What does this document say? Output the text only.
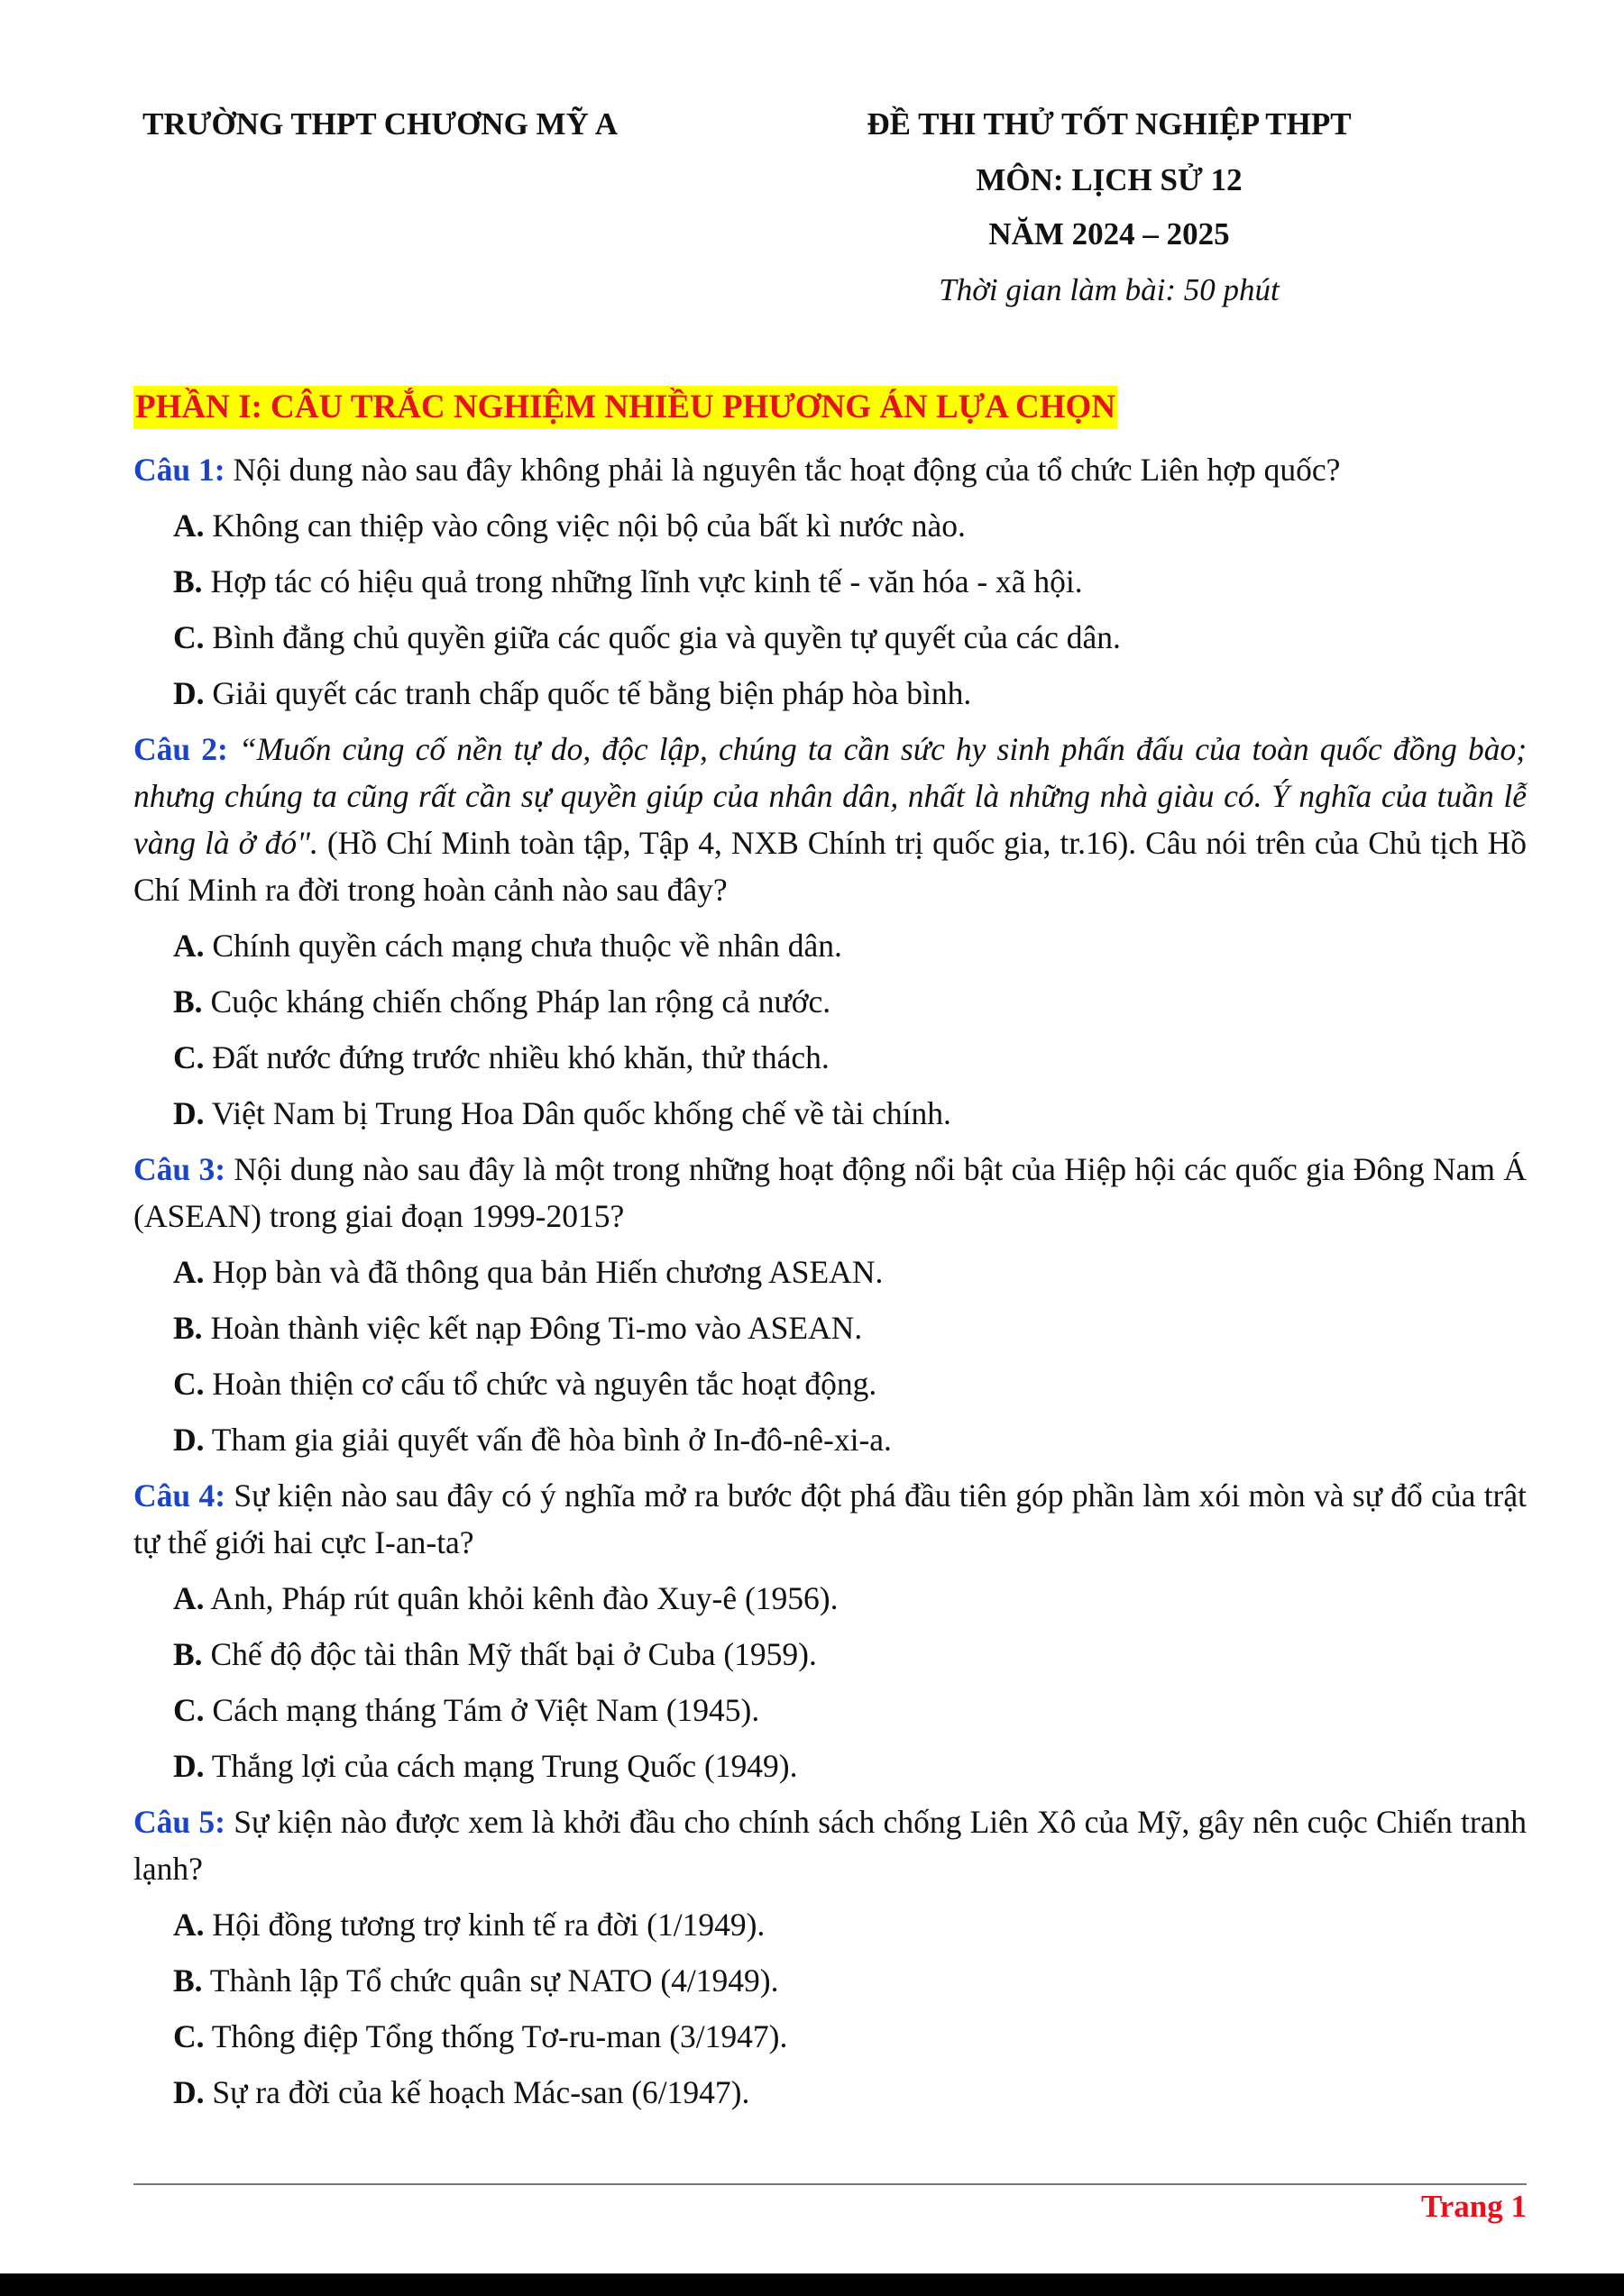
TRƯỜNG THPT CHƯƠNG MỸ A	ĐỀ THI THỬ TỐT NGHIỆP THPT
MÔN: LỊCH SỬ 12
NĂM 2024 – 2025
Thời gian làm bài: 50 phút
PHẦN I: CÂU TRẮC NGHIỆM NHIỀU PHƯƠNG ÁN LỰA CHỌN

Câu 1: Nội dung nào sau đây không phải là nguyên tắc hoạt động của tổ chức Liên hợp quốc?

A. Không can thiệp vào công việc nội bộ của bất kì nước nào.

B. Hợp tác có hiệu quả trong những lĩnh vực kinh tế - văn hóa - xã hội.

C. Bình đẳng chủ quyền giữa các quốc gia và quyền tự quyết của các dân.

D. Giải quyết các tranh chấp quốc tế bằng biện pháp hòa bình.

Câu 2: “Muốn củng cố nền tự do, độc lập, chúng ta cần sức hy sinh phấn đấu của toàn quốc đồng bào; nhưng chúng ta cũng rất cần sự quyền giúp của nhân dân, nhất là những nhà giàu có. Ý nghĩa của tuần lễ vàng là ở đó". (Hồ Chí Minh toàn tập, Tập 4, NXB Chính trị quốc gia, tr.16). Câu nói trên của Chủ tịch Hồ Chí Minh ra đời trong hoàn cảnh nào sau đây?

A. Chính quyền cách mạng chưa thuộc về nhân dân.

B. Cuộc kháng chiến chống Pháp lan rộng cả nước.

C. Đất nước đứng trước nhiều khó khăn, thử thách.

D. Việt Nam bị Trung Hoa Dân quốc khống chế về tài chính.

Câu 3: Nội dung nào sau đây là một trong những hoạt động nổi bật của Hiệp hội các quốc gia Đông Nam Á (ASEAN) trong giai đoạn 1999-2015?

A. Họp bàn và đã thông qua bản Hiến chương ASEAN.

B. Hoàn thành việc kết nạp Đông Ti-mo vào ASEAN.

C. Hoàn thiện cơ cấu tổ chức và nguyên tắc hoạt động.

D. Tham gia giải quyết vấn đề hòa bình ở In-đô-nê-xi-a.

Câu 4: Sự kiện nào sau đây có ý nghĩa mở ra bước đột phá đầu tiên góp phần làm xói mòn và sự đổ của trật tự thế giới hai cực I-an-ta?

A. Anh, Pháp rút quân khỏi kênh đào Xuy-ê (1956).

B. Chế độ độc tài thân Mỹ thất bại ở Cuba (1959).

C. Cách mạng tháng Tám ở Việt Nam (1945).

D. Thắng lợi của cách mạng Trung Quốc (1949).

Câu 5: Sự kiện nào được xem là khởi đầu cho chính sách chống Liên Xô của Mỹ, gây nên cuộc Chiến tranh lạnh?

A. Hội đồng tương trợ kinh tế ra đời (1/1949).

B. Thành lập Tổ chức quân sự NATO (4/1949).

C. Thông điệp Tổng thống Tơ-ru-man (3/1947).

D. Sự ra đời của kế hoạch Mác-san (6/1947).

Trang 1
